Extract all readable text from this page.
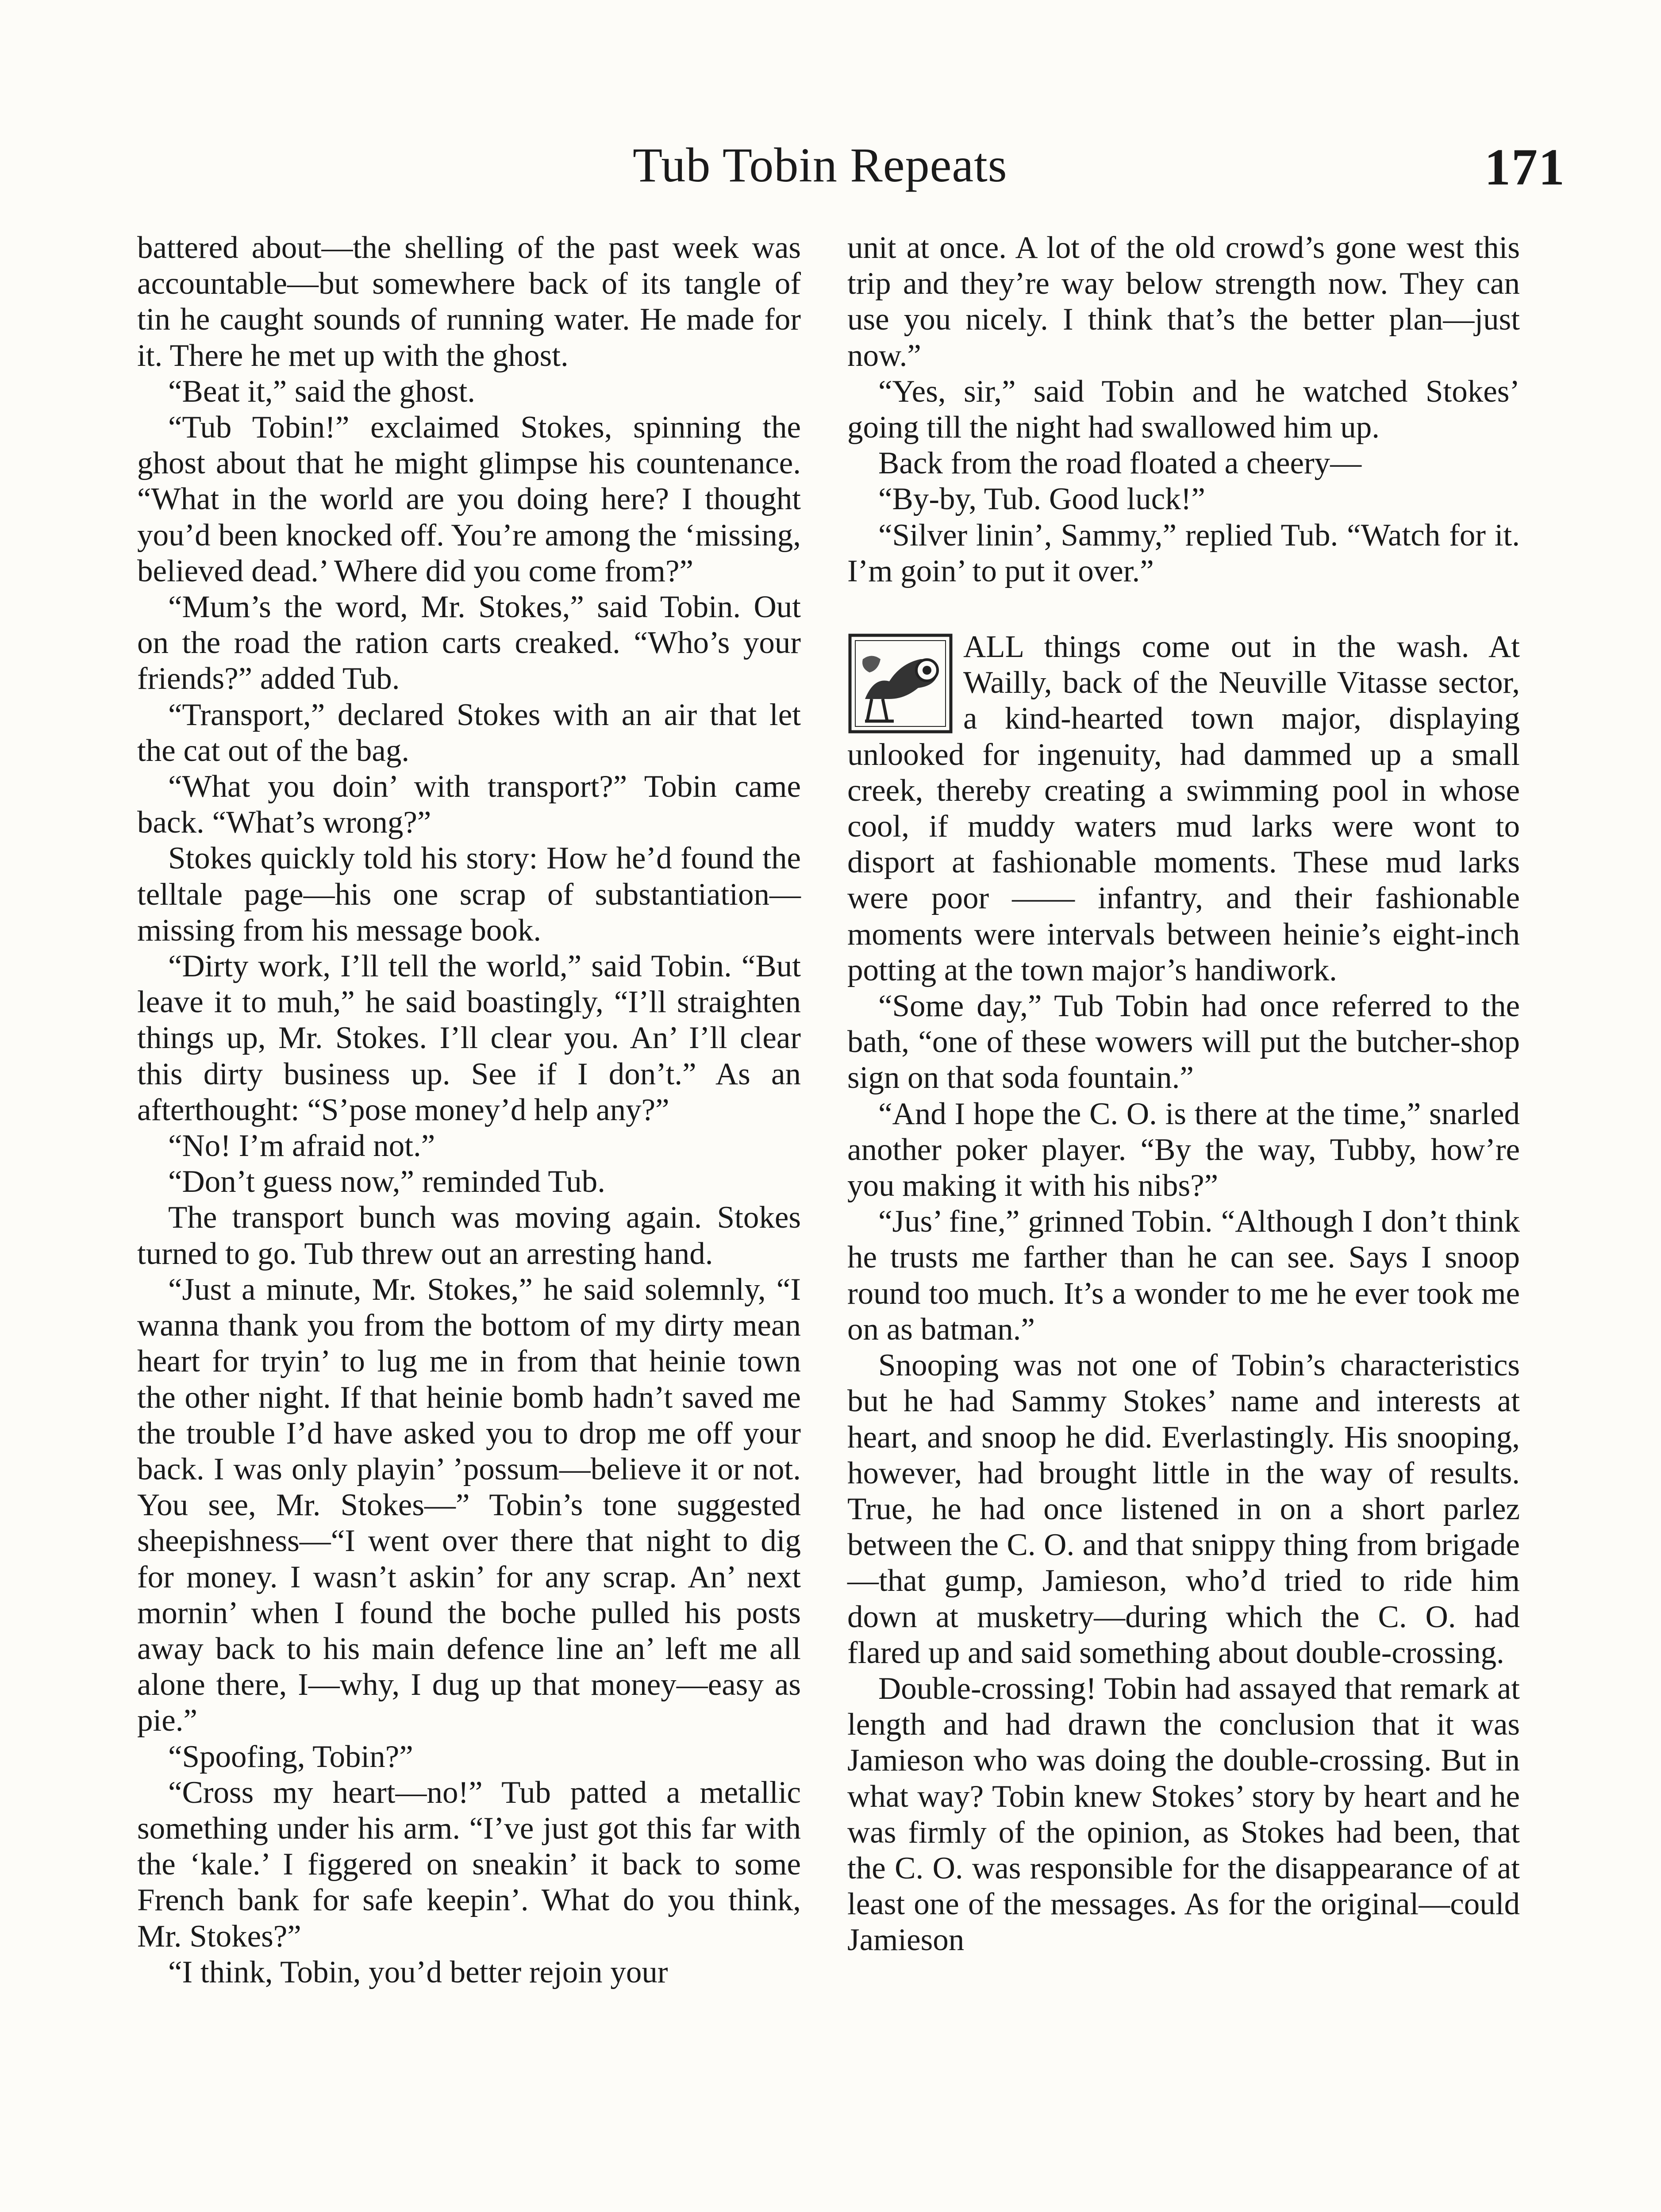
Tub Tobin Repeats	171

battered about—the shelling of the past week was accountable—but somewhere back of its tangle of tin he caught sounds of running water. He made for it. There he met up with the ghost.

“Beat it,” said the ghost.

“Tub Tobin!” exclaimed Stokes, spinning the ghost about that he might glimpse his countenance. “What in the world are you doing here? I thought you’d been knocked off. You’re among the ‘missing, believed dead.’ Where did you come from?”

“Mum’s the word, Mr. Stokes,” said Tobin. Out on the road the ration carts creaked. “Who’s your friends?” added Tub.

“Transport,” declared Stokes with an air that let the cat out of the bag.

“What you doin’ with transport?” Tobin came back. “What’s wrong?”

Stokes quickly told his story: How he’d found the telltale page—his one scrap of substantiation—missing from his message book.

“Dirty work, I’ll tell the world,” said Tobin. “But leave it to muh,” he said boastingly, “I’ll straighten things up, Mr. Stokes. I’ll clear you. An’ I’ll clear this dirty business up. See if I don’t.” As an afterthought: “S’pose money’d help any?”

“No! I’m afraid not.”

“Don’t guess now,” reminded Tub.

The transport bunch was moving again. Stokes turned to go. Tub threw out an arresting hand.

“Just a minute, Mr. Stokes,” he said solemnly, “I wanna thank you from the bottom of my dirty mean heart for tryin’ to lug me in from that heinie town the other night. If that heinie bomb hadn’t saved me the trouble I’d have asked you to drop me off your back. I was only playin’ ’possum—believe it or not. You see, Mr. Stokes—” Tobin’s tone suggested sheepishness—“I went over there that night to dig for money. I wasn’t askin’ for any scrap. An’ next mornin’ when I found the boche pulled his posts away back to his main defence line an’ left me all alone there, I—why, I dug up that money—easy as pie.”

“Spoofing, Tobin?”

“Cross my heart—no!” Tub patted a metallic something under his arm. “I’ve just got this far with the ‘kale.’ I figgered on sneakin’ it back to some French bank for safe keepin’. What do you think, Mr. Stokes?”

“I think, Tobin, you’d better rejoin your

unit at once. A lot of the old crowd’s gone west this trip and they’re way below strength now. They can use you nicely. I think that’s the better plan—just now.”

“Yes, sir,” said Tobin and he watched Stokes’ going till the night had swallowed him up.

Back from the road floated a cheery—

“By-by, Tub. Good luck!”

“Silver linin’, Sammy,” replied Tub. “Watch for it. I’m goin’ to put it over.”

ALL things come out in the wash. At Wailly, back of the Neuville Vitasse sector, a kind-hearted town major, displaying unlooked for ingenuity, had dammed up a small creek, thereby creating a swimming pool in whose cool, if muddy waters mud larks were wont to disport at fashionable moments. These mud larks were poor —— infantry, and their fashionable moments were intervals between heinie’s eight-inch potting at the town major’s handiwork.

“Some day,” Tub Tobin had once referred to the bath, “one of these wowers will put the butcher-shop sign on that soda fountain.”

“And I hope the C. O. is there at the time,” snarled another poker player. “By the way, Tubby, how’re you making it with his nibs?”

“Jus’ fine,” grinned Tobin. “Although I don’t think he trusts me farther than he can see. Says I snoop round too much. It’s a wonder to me he ever took me on as batman.”

Snooping was not one of Tobin’s characteristics but he had Sammy Stokes’ name and interests at heart, and snoop he did. Everlastingly. His snooping, however, had brought little in the way of results. True, he had once listened in on a short parlez between the C. O. and that snippy thing from brigade—that gump, Jamieson, who’d tried to ride him down at musketry—during which the C. O. had flared up and said something about double-crossing.

Double-crossing! Tobin had assayed that remark at length and had drawn the conclusion that it was Jamieson who was doing the double-crossing. But in what way? Tobin knew Stokes’ story by heart and he was firmly of the opinion, as Stokes had been, that the C. O. was responsible for the disappearance of at least one of the messages. As for the original—could Jamieson
